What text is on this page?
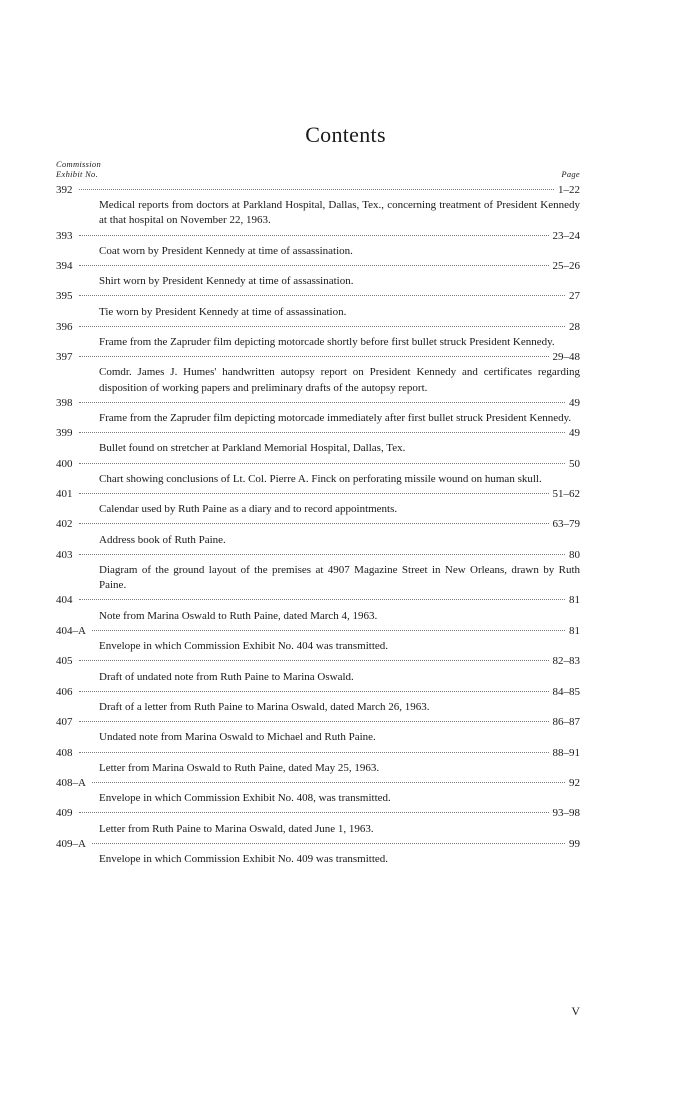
Contents
Commission
Exhibit No.	Page
392	1–22
Medical reports from doctors at Parkland Hospital, Dallas, Tex., concerning treatment of President Kennedy at that hospital on November 22, 1963.
393	23–24
Coat worn by President Kennedy at time of assassination.
394	25–26
Shirt worn by President Kennedy at time of assassination.
395	27
Tie worn by President Kennedy at time of assassination.
396	28
Frame from the Zapruder film depicting motorcade shortly before first bullet struck President Kennedy.
397	29–48
Comdr. James J. Humes' handwritten autopsy report on President Kennedy and certificates regarding disposition of working papers and preliminary drafts of the autopsy report.
398	49
Frame from the Zapruder film depicting motorcade immediately after first bullet struck President Kennedy.
399	49
Bullet found on stretcher at Parkland Memorial Hospital, Dallas, Tex.
400	50
Chart showing conclusions of Lt. Col. Pierre A. Finck on perforating missile wound on human skull.
401	51–62
Calendar used by Ruth Paine as a diary and to record appointments.
402	63–79
Address book of Ruth Paine.
403	80
Diagram of the ground layout of the premises at 4907 Magazine Street in New Orleans, drawn by Ruth Paine.
404	81
Note from Marina Oswald to Ruth Paine, dated March 4, 1963.
404–A	81
Envelope in which Commission Exhibit No. 404 was transmitted.
405	82–83
Draft of undated note from Ruth Paine to Marina Oswald.
406	84–85
Draft of a letter from Ruth Paine to Marina Oswald, dated March 26, 1963.
407	86–87
Undated note from Marina Oswald to Michael and Ruth Paine.
408	88–91
Letter from Marina Oswald to Ruth Paine, dated May 25, 1963.
408–A	92
Envelope in which Commission Exhibit No. 408, was transmitted.
409	93–98
Letter from Ruth Paine to Marina Oswald, dated June 1, 1963.
409–A	99
Envelope in which Commission Exhibit No. 409 was transmitted.
V
